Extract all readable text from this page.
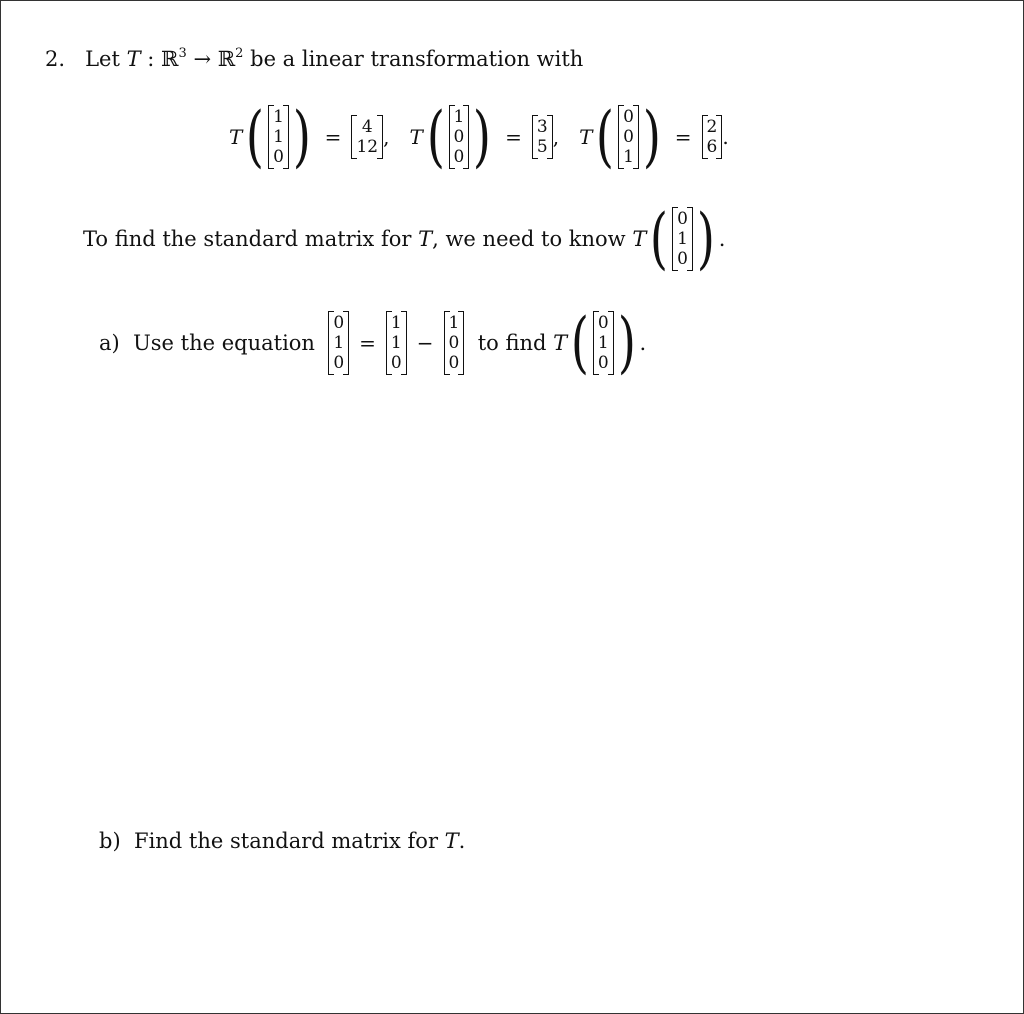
2. Let T : ℝ$^3$ → ℝ$^2$ be a linear transformation with
T ( 1
1
0 ) = 4
12 , T ( 1
0
0 ) = 3
5 , T ( 0
0
1 ) = 2
6 .
To find the standard matrix for
T , we need to know
T ( 0
1
0 ) .
a)
Use the equation

0
1
0
=
1
1
0
−
1
0
0

to find
T ( 0
1
0 ) .
b) Find the standard matrix for T.
